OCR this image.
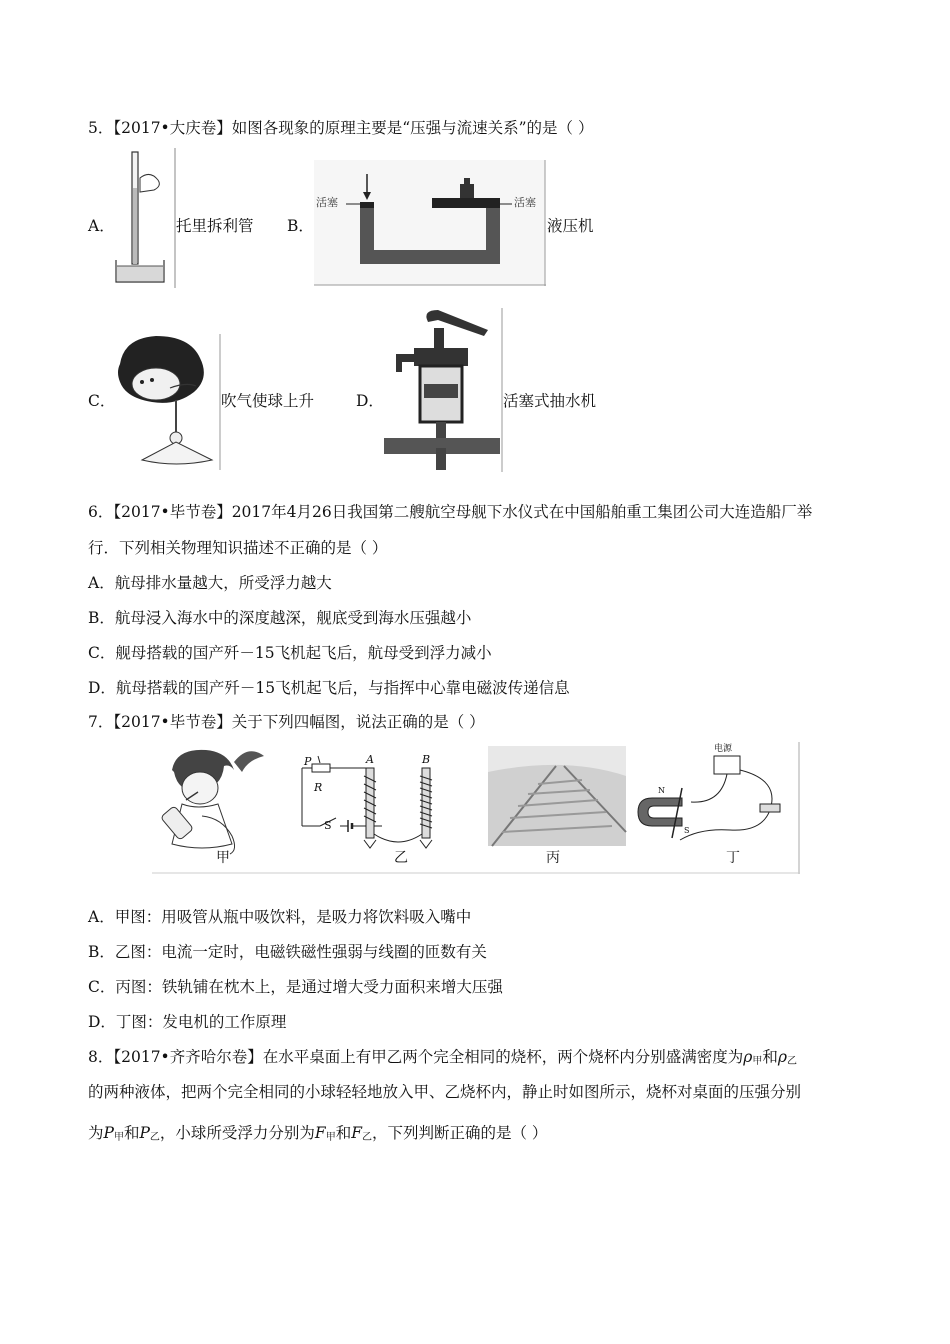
5．【2017•大庆卷】如图各现象的原理主要是“压强与流速关系”的是（ ）
A．	托里拆利管 B．
活塞	活塞
液压机
C．	吹气使球上升	D．	活塞式抽水机
6．【2017•毕节卷】2017年4月26日我国第二艘航空母舰下水仪式在中国船舶重工集团公司大连造船厂举
行．下列相关物理知识描述不正确的是（ ）
A．航母排水量越大，所受浮力越大
B．航母浸入海水中的深度越深，舰底受到海水压强越小
C．舰母搭载的国产歼－15飞机起飞后，航母受到浮力减小
D．航母搭载的国产歼－15飞机起飞后，与指挥中心靠电磁波传递信息
7．【2017•毕节卷】关于下列四幅图，说法正确的是（ ）
甲	乙	丙	丁
P
R
A	B
S
电源
N
S
A．甲图：用吸管从瓶中吸饮料，是吸力将饮料吸入嘴中
B．乙图：电流一定时，电磁铁磁性强弱与线圈的匝数有关
C．丙图：铁轨铺在枕木上，是通过增大受力面积来增大压强
D．丁图：发电机的工作原理
8．【2017•齐齐哈尔卷】在水平桌面上有甲乙两个完全相同的烧杯，两个烧杯内分别盛满密度为$\rho_甲$和$\rho_乙$
的两种液体，把两个完全相同的小球轻轻地放入甲、乙烧杯内，静止时如图所示，烧杯对桌面的压强分别
为$P_甲$和$P_乙$，小球所受浮力分别为$F_甲$和$F_乙$，下列判断正确的是（ ）
